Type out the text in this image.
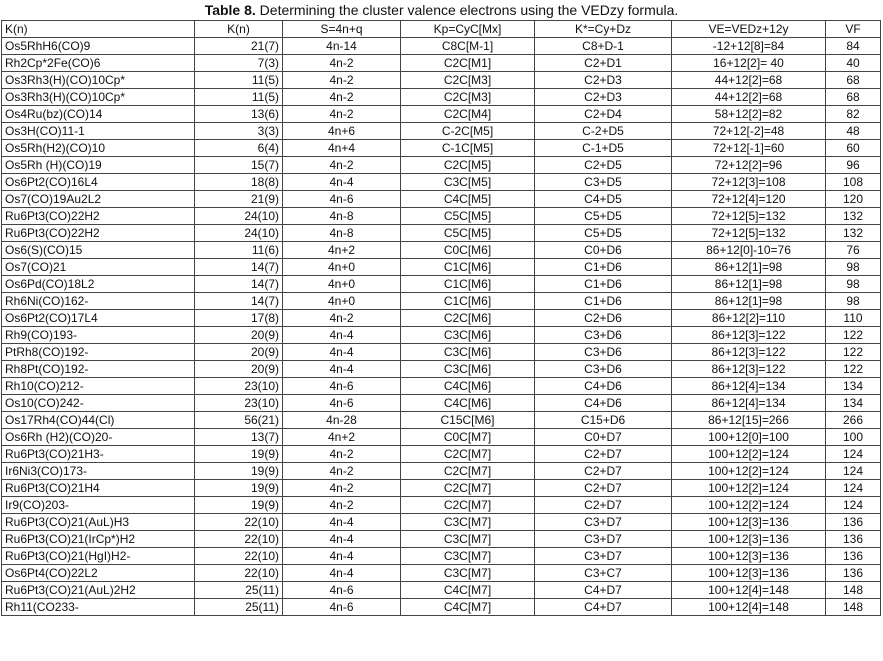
Table 8. Determining the cluster valence electrons using the VEDzy formula.
K(n)	K(n)	S=4n+q	Kp=CyC[Mx]	K*=Cy+Dz	VE=VEDz+12y	VF
Os5RhH6(CO)9	21(7)	4n-14	C8C[M-1]	C8+D-1	-12+12[8]=84	84
Rh2Cp*2Fe(CO)6	7(3)	4n-2	C2C[M1]	C2+D1	16+12[2]= 40	40
Os3Rh3(H)(CO)10Cp*	11(5)	4n-2	C2C[M3]	C2+D3	44+12[2]=68	68
Os3Rh3(H)(CO)10Cp*	11(5)	4n-2	C2C[M3]	C2+D3	44+12[2]=68	68
Os4Ru(bz)(CO)14	13(6)	4n-2	C2C[M4]	C2+D4	58+12[2]=82	82
Os3H(CO)11-1	3(3)	4n+6	C-2C[M5]	C-2+D5	72+12[-2]=48	48
Os5Rh(H2)(CO)10	6(4)	4n+4	C-1C[M5]	C-1+D5	72+12[-1]=60	60
Os5Rh (H)(CO)19	15(7)	4n-2	C2C[M5]	C2+D5	72+12[2]=96	96
Os6Pt2(CO)16L4	18(8)	4n-4	C3C[M5]	C3+D5	72+12[3]=108	108
Os7(CO)19Au2L2	21(9)	4n-6	C4C[M5]	C4+D5	72+12[4]=120	120
Ru6Pt3(CO)22H2	24(10)	4n-8	C5C[M5]	C5+D5	72+12[5]=132	132
Ru6Pt3(CO)22H2	24(10)	4n-8	C5C[M5]	C5+D5	72+12[5]=132	132
Os6(S)(CO)15	11(6)	4n+2	C0C[M6]	C0+D6	86+12[0]-10=76	76
Os7(CO)21	14(7)	4n+0	C1C[M6]	C1+D6	86+12[1]=98	98
Os6Pd(CO)18L2	14(7)	4n+0	C1C[M6]	C1+D6	86+12[1]=98	98
Rh6Ni(CO)162-	14(7)	4n+0	C1C[M6]	C1+D6	86+12[1]=98	98
Os6Pt2(CO)17L4	17(8)	4n-2	C2C[M6]	C2+D6	86+12[2]=110	110
Rh9(CO)193-	20(9)	4n-4	C3C[M6]	C3+D6	86+12[3]=122	122
PtRh8(CO)192-	20(9)	4n-4	C3C[M6]	C3+D6	86+12[3]=122	122
Rh8Pt(CO)192-	20(9)	4n-4	C3C[M6]	C3+D6	86+12[3]=122	122
Rh10(CO)212-	23(10)	4n-6	C4C[M6]	C4+D6	86+12[4]=134	134
Os10(CO)242-	23(10)	4n-6	C4C[M6]	C4+D6	86+12[4]=134	134
Os17Rh4(CO)44(Cl)	56(21)	4n-28	C15C[M6]	C15+D6	86+12[15]=266	266
Os6Rh (H2)(CO)20-	13(7)	4n+2	C0C[M7]	C0+D7	100+12[0]=100	100
Ru6Pt3(CO)21H3-	19(9)	4n-2	C2C[M7]	C2+D7	100+12[2]=124	124
Ir6Ni3(CO)173-	19(9)	4n-2	C2C[M7]	C2+D7	100+12[2]=124	124
Ru6Pt3(CO)21H4	19(9)	4n-2	C2C[M7]	C2+D7	100+12[2]=124	124
Ir9(CO)203-	19(9)	4n-2	C2C[M7]	C2+D7	100+12[2]=124	124
Ru6Pt3(CO)21(AuL)H3	22(10)	4n-4	C3C[M7]	C3+D7	100+12[3]=136	136
Ru6Pt3(CO)21(IrCp*)H2	22(10)	4n-4	C3C[M7]	C3+D7	100+12[3]=136	136
Ru6Pt3(CO)21(HgI)H2-	22(10)	4n-4	C3C[M7]	C3+D7	100+12[3]=136	136
Os6Pt4(CO)22L2	22(10)	4n-4	C3C[M7]	C3+C7	100+12[3]=136	136
Ru6Pt3(CO)21(AuL)2H2	25(11)	4n-6	C4C[M7]	C4+D7	100+12[4]=148	148
Rh11(CO233-	25(11)	4n-6	C4C[M7]	C4+D7	100+12[4]=148	148
